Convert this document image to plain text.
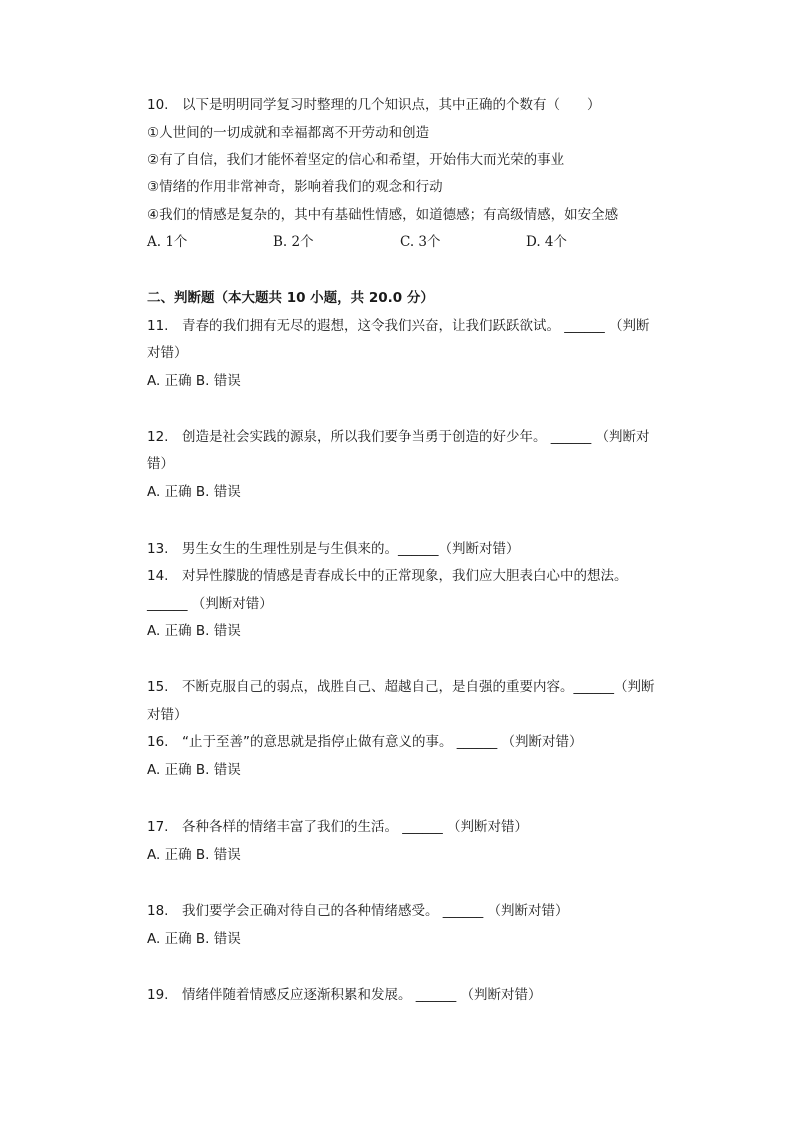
10.　以下是明明同学复习时整理的几个知识点，其中正确的个数有（　　）
①人世间的一切成就和幸福都离不开劳动和创造
②有了自信，我们才能怀着坚定的信心和希望，开始伟大而光荣的事业
③情绪的作用非常神奇，影响着我们的观念和行动
④我们的情感是复杂的，其中有基础性情感，如道德感；有高级情感，如安全感
A. 1个	B. 2个	C. 3个	D. 4个
二、判断题（本大题共 10 小题，共 20.0 分）
11.　青春的我们拥有无尽的遐想，这令我们兴奋，让我们跃跃欲试。 ______ （判断
对错）
A. 正确 B. 错误
12.　创造是社会实践的源泉，所以我们要争当勇于创造的好少年。 ______ （判断对
错）
A. 正确 B. 错误
13.　男生女生的生理性别是与生俱来的。______（判断对错）
14.　对异性朦胧的情感是青春成长中的正常现象，我们应大胆表白心中的想法。
______ （判断对错）
A. 正确 B. 错误
15.　不断克服自己的弱点，战胜自己、超越自己，是自强的重要内容。______（判断
对错）
16.　“止于至善”的意思就是指停止做有意义的事。 ______ （判断对错）
A. 正确 B. 错误
17.　各种各样的情绪丰富了我们的生活。 ______ （判断对错）
A. 正确 B. 错误
18.　我们要学会正确对待自己的各种情绪感受。 ______ （判断对错）
A. 正确 B. 错误
19.　情绪伴随着情感反应逐渐积累和发展。 ______ （判断对错）
